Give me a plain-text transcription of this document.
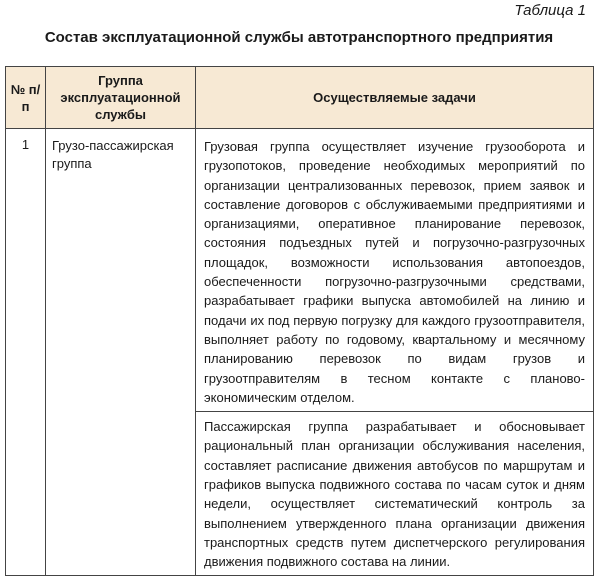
Таблица 1
Состав эксплуатационной службы автотранспортного предприятия
№ п/п	Группа эксплуатационной службы	Осуществляемые задачи
1	Грузо-пассажирская группа	Грузовая группа осуществляет изучение грузооборота и грузопотоков, проведение необходимых мероприятий по организации централизованных перевозок, прием заявок и составление договоров с обслуживаемыми предприятиями и организациями, оперативное планирование перевозок, состояния подъездных путей и погрузочно-разгрузочных площадок, возможности использования автопоездов, обеспеченности погрузочно-разгрузочными средствами, разрабатывает графики выпуска автомобилей на линию и подачи их под первую погрузку для каждого грузоотправителя, выполняет работу по годовому, квартальному и месячному планированию перевозок по видам грузов и грузоотправителям в тесном контакте с планово-экономическим отделом.
		Пассажирская группа разрабатывает и обосновывает рациональный план организации обслуживания населения, составляет расписание движения автобусов по маршрутам и графиков выпуска подвижного состава по часам суток и дням недели, осуществляет систематический контроль за выполнением утвержденного плана организации движения транспортных средств путем диспетчерского регулирования движения подвижного состава на линии.
